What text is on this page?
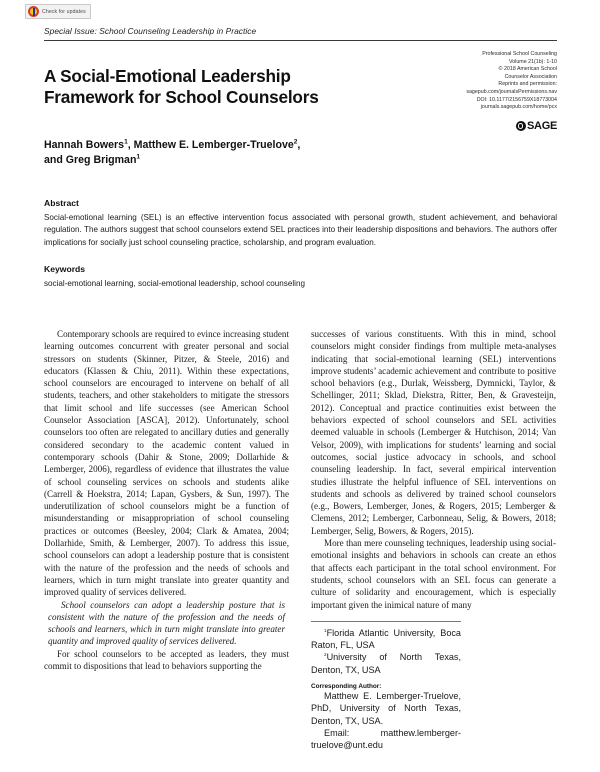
Check for updates
Special Issue: School Counseling Leadership in Practice
A Social-Emotional Leadership Framework for School Counselors
Professional School Counseling
Volume 21(1b): 1-10
© 2018 American School
Counselor Association
Reprints and permission:
sagepub.com/journalsPermissions.nav
DOI: 10.1177/2156759X18773004
journals.sagepub.com/home/pcx
SAGE
Hannah Bowers$^1$, Matthew E. Lemberger-Truelove$^2$,
and Greg Brigman$^1$
Abstract
Social-emotional learning (SEL) is an effective intervention focus associated with personal growth, student achievement, and behavioral regulation. The authors suggest that school counselors extend SEL practices into their leadership dispositions and behaviors. The authors offer implications for socially just school counseling practice, scholarship, and program evaluation.
Keywords
social-emotional learning, social-emotional leadership, school counseling

Contemporary schools are required to evince increasing student learning outcomes concurrent with greater personal and social stressors on students (Skinner, Pitzer, & Steele, 2016) and educators (Klassen & Chiu, 2011). Within these expectations, school counselors are encouraged to intervene on behalf of all students, teachers, and other stakeholders to mitigate the stressors that limit school and life successes (see American School Counselor Association [ASCA], 2012). Unfortunately, school counselors too often are relegated to ancillary duties and generally considered secondary to the academic content valued in contemporary schools (Dahir & Stone, 2009; Dollarhide & Lemberger, 2006), regardless of evidence that illustrates the value of school counseling services on schools and students alike (Carrell & Hoekstra, 2014; Lapan, Gysbers, & Sun, 1997). The underutilization of school counselors might be a function of misunderstanding or misappropriation of school counseling practices or outcomes (Beesley, 2004; Clark & Amatea, 2004; Dollarhide, Smith, & Lemberger, 2007). To address this issue, school counselors can adopt a leadership posture that is consistent with the nature of the profession and the needs of schools and learners, which in turn might translate into greater quantity and improved quality of services delivered.

School counselors can adopt a leadership posture that is consistent with the nature of the profession and the needs of schools and learners, which in turn might translate into greater quantity and improved quality of services delivered.

For school counselors to be accepted as leaders, they must commit to dispositions that lead to behaviors supporting the

successes of various constituents. With this in mind, school counselors might consider findings from multiple meta-analyses indicating that social-emotional learning (SEL) interventions improve students’ academic achievement and contribute to positive school behaviors (e.g., Durlak, Weissberg, Dymnicki, Taylor, & Schellinger, 2011; Sklad, Diekstra, Ritter, Ben, & Gravesteijn, 2012). Conceptual and practice continuities exist between the behaviors expected of school counselors and SEL activities deemed valuable in schools (Lemberger & Hutchison, 2014; Van Velsor, 2009), with implications for students’ learning and social outcomes, social justice advocacy in schools, and school counseling leadership. In fact, several empirical intervention studies illustrate the helpful influence of SEL interventions on students and schools as delivered by trained school counselors (e.g., Bowers, Lemberger, Jones, & Rogers, 2015; Lemberger & Clemens, 2012; Lemberger, Carbonneau, Selig, & Bowers, 2018; Lemberger, Selig, Bowers, & Rogers, 2015).

More than mere counseling techniques, leadership using social-emotional insights and behaviors in schools can create an ethos that affects each participant in the total school environment. For students, school counselors with an SEL focus can generate a culture of solidarity and encouragement, which is especially important given the inimical nature of many

$^1$Florida Atlantic University, Boca Raton, FL, USA

$^2$University of North Texas, Denton, TX, USA

Corresponding Author:

Matthew E. Lemberger-Truelove, PhD, University of North Texas, Denton, TX, USA.

Email: matthew.lemberger-truelove@unt.edu
